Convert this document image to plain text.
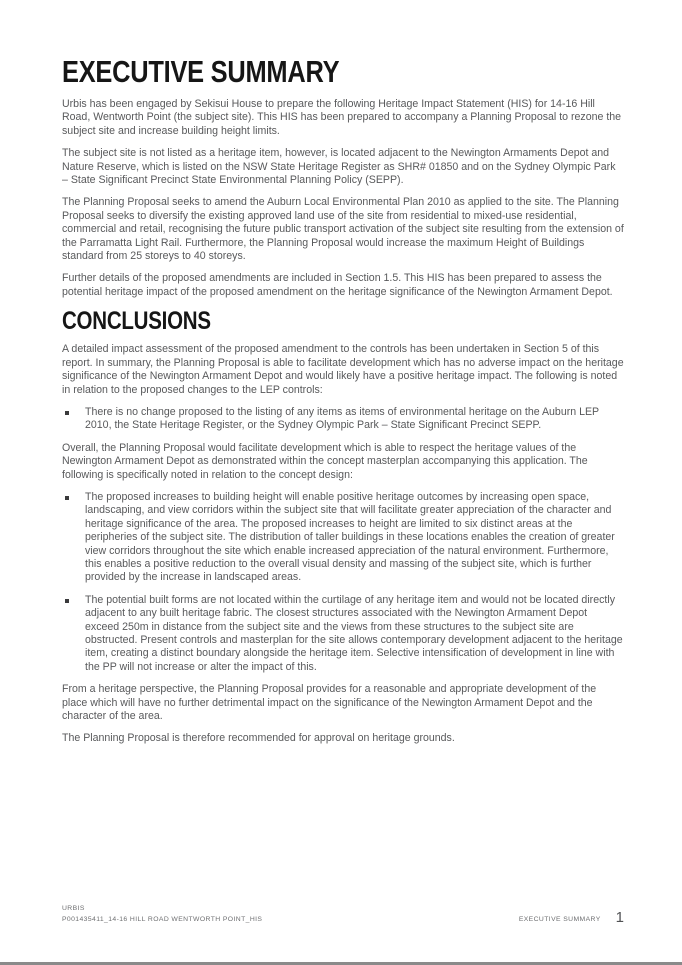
EXECUTIVE SUMMARY

Urbis has been engaged by Sekisui House to prepare the following Heritage Impact Statement (HIS) for 14-16 Hill Road, Wentworth Point (the subject site). This HIS has been prepared to accompany a Planning Proposal to rezone the subject site and increase building height limits.

The subject site is not listed as a heritage item, however, is located adjacent to the Newington Armaments Depot and Nature Reserve, which is listed on the NSW State Heritage Register as SHR# 01850 and on the Sydney Olympic Park – State Significant Precinct State Environmental Planning Policy (SEPP).

The Planning Proposal seeks to amend the Auburn Local Environmental Plan 2010 as applied to the site. The Planning Proposal seeks to diversify the existing approved land use of the site from residential to mixed-use residential, commercial and retail, recognising the future public transport activation of the subject site resulting from the extension of the Parramatta Light Rail. Furthermore, the Planning Proposal would increase the maximum Height of Buildings standard from 25 storeys to 40 storeys.

Further details of the proposed amendments are included in Section 1.5. This HIS has been prepared to assess the potential heritage impact of the proposed amendment on the heritage significance of the Newington Armament Depot.

CONCLUSIONS

A detailed impact assessment of the proposed amendment to the controls has been undertaken in Section 5 of this report. In summary, the Planning Proposal is able to facilitate development which has no adverse impact on the heritage significance of the Newington Armament Depot and would likely have a positive heritage impact. The following is noted in relation to the proposed changes to the LEP controls:

There is no change proposed to the listing of any items as items of environmental heritage on the Auburn LEP 2010, the State Heritage Register, or the Sydney Olympic Park – State Significant Precinct SEPP.

Overall, the Planning Proposal would facilitate development which is able to respect the heritage values of the Newington Armament Depot as demonstrated within the concept masterplan accompanying this application. The following is specifically noted in relation to the concept design:

The proposed increases to building height will enable positive heritage outcomes by increasing open space, landscaping, and view corridors within the subject site that will facilitate greater appreciation of the character and heritage significance of the area. The proposed increases to height are limited to six distinct areas at the peripheries of the subject site. The distribution of taller buildings in these locations enables the creation of greater view corridors throughout the site which enable increased appreciation of the natural environment. Furthermore, this enables a positive reduction to the overall visual density and massing of the subject site, which is further provided by the increase in landscaped areas.
The potential built forms are not located within the curtilage of any heritage item and would not be located directly adjacent to any built heritage fabric. The closest structures associated with the Newington Armament Depot exceed 250m in distance from the subject site and the views from these structures to the subject site are obstructed. Present controls and masterplan for the site allows contemporary development adjacent to the heritage item, creating a distinct boundary alongside the heritage item. Selective intensification of development in line with the PP will not increase or alter the impact of this.

From a heritage perspective, the Planning Proposal provides for a reasonable and appropriate development of the place which will have no further detrimental impact on the significance of the Newington Armament Depot and the character of the area.

The Planning Proposal is therefore recommended for approval on heritage grounds.

URBIS
P001435411_14-16 HILL ROAD WENTWORTH POINT_HIS	EXECUTIVE SUMMARY 1
